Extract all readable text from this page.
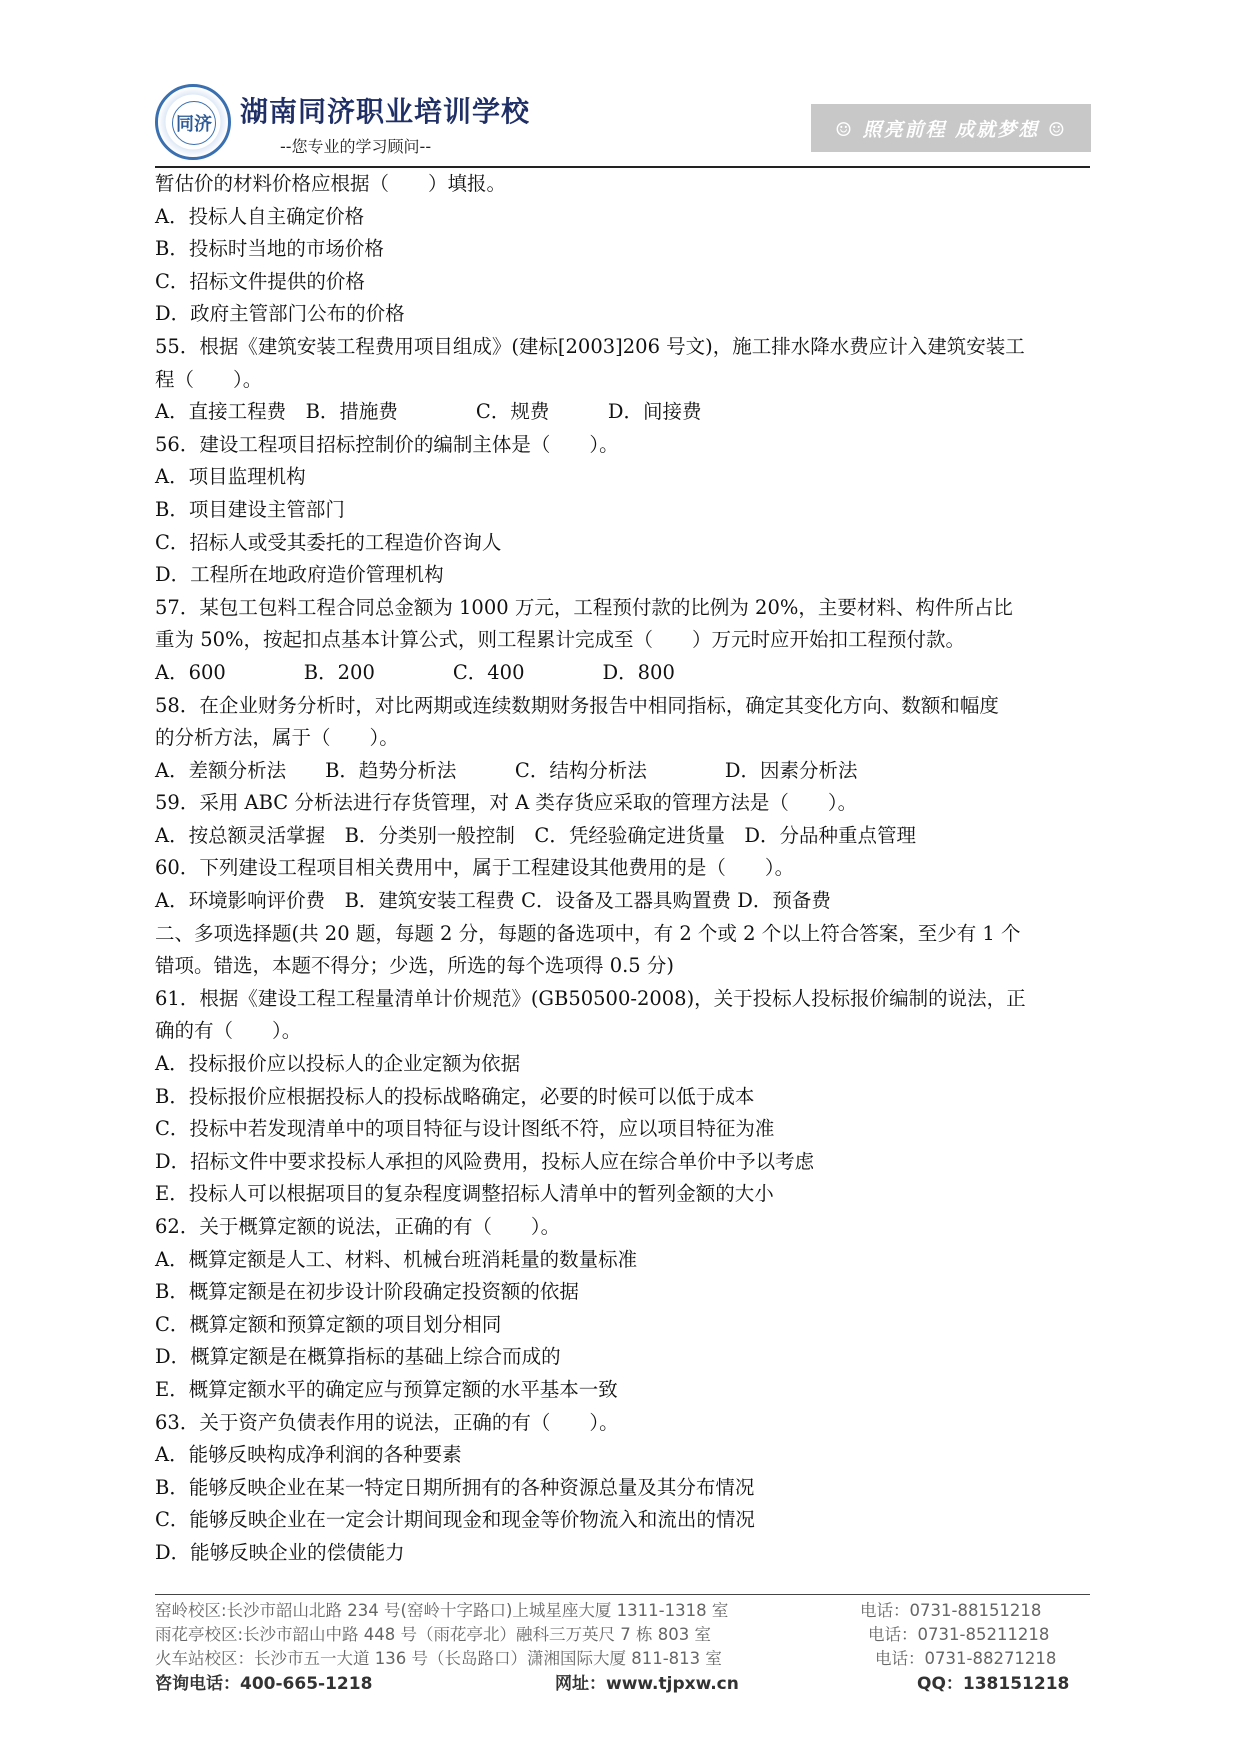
同济 湖南同济职业培训学校
--您专业的学习顾问--
☺ 照亮前程 成就梦想 ☺
暂估价的材料价格应根据（　　）填报。
A．投标人自主确定价格
B．投标时当地的市场价格
C．招标文件提供的价格
D．政府主管部门公布的价格
55．根据《建筑安装工程费用项目组成》(建标[2003]206 号文)，施工排水降水费应计入建筑安装工
程（　　）。
A．直接工程费　B．措施费　　　　C．规费　　　D．间接费
56．建设工程项目招标控制价的编制主体是（　　）。
A．项目监理机构
B．项目建设主管部门
C．招标人或受其委托的工程造价咨询人
D．工程所在地政府造价管理机构
57．某包工包料工程合同总金额为 1000 万元，工程预付款的比例为 20%，主要材料、构件所占比
重为 50%，按起扣点基本计算公式，则工程累计完成至（　　）万元时应开始扣工程预付款。
A．600　　　　B．200　　　　C．400　　　　D．800
58．在企业财务分析时，对比两期或连续数期财务报告中相同指标，确定其变化方向、数额和幅度
的分析方法，属于（　　）。
A．差额分析法　　B．趋势分析法　　　C．结构分析法　　　　D．因素分析法
59．采用 ABC 分析法进行存货管理，对 A 类存货应采取的管理方法是（　　）。
A．按总额灵活掌握　B．分类别一般控制　C．凭经验确定进货量　D．分品种重点管理
60．下列建设工程项目相关费用中，属于工程建设其他费用的是（　　）。
A．环境影响评价费　B．建筑安装工程费 C．设备及工器具购置费 D．预备费
二、多项选择题(共 20 题，每题 2 分，每题的备选项中，有 2 个或 2 个以上符合答案，至少有 1 个
错项。错选，本题不得分；少选，所选的每个选项得 0.5 分)
61．根据《建设工程工程量清单计价规范》(GB50500-2008)，关于投标人投标报价编制的说法，正
确的有（　　）。
A．投标报价应以投标人的企业定额为依据
B．投标报价应根据投标人的投标战略确定，必要的时候可以低于成本
C．投标中若发现清单中的项目特征与设计图纸不符，应以项目特征为准
D．招标文件中要求投标人承担的风险费用，投标人应在综合单价中予以考虑
E．投标人可以根据项目的复杂程度调整招标人清单中的暂列金额的大小
62．关于概算定额的说法，正确的有（　　）。
A．概算定额是人工、材料、机械台班消耗量的数量标准
B．概算定额是在初步设计阶段确定投资额的依据
C．概算定额和预算定额的项目划分相同
D．概算定额是在概算指标的基础上综合而成的
E．概算定额水平的确定应与预算定额的水平基本一致
63．关于资产负债表作用的说法，正确的有（　　）。
A．能够反映构成净利润的各种要素
B．能够反映企业在某一特定日期所拥有的各种资源总量及其分布情况
C．能够反映企业在一定会计期间现金和现金等价物流入和流出的情况
D．能够反映企业的偿债能力
窑岭校区:长沙市韶山北路 234 号(窑岭十字路口)上城星座大厦 1311-1318 室	电话：0731-88151218
雨花亭校区:长沙市韶山中路 448 号（雨花亭北）融科三万英尺 7 栋 803 室	电话：0731-85211218
火车站校区：长沙市五一大道 136 号（长岛路口）潇湘国际大厦 811-813 室	电话：0731-88271218
咨询电话：400-665-1218	网址：www.tjpxw.cn	QQ：138151218
